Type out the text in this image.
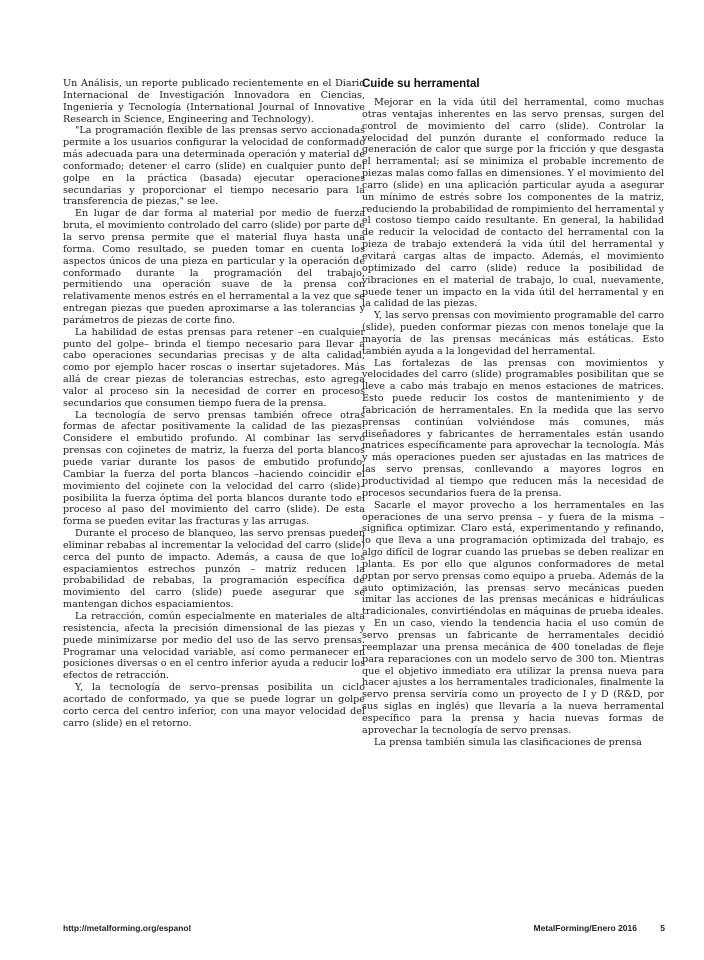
Un Análisis, un reporte publicado recientemente en el Diario Internacional de Investigación Innovadora en Ciencias, Ingeniería y Tecnología (International Journal of Innovative Research in Science, Engineering and Technology).

"La programación flexible de las prensas servo accionadas permite a los usuarios configurar la velocidad de conformado más adecuada para una determinada operación y material de conformado; detener el carro (slide) en cualquier punto del golpe en la práctica (basada) ejecutar operaciones secundarias y proporcionar el tiempo necesario para la transferencia de piezas," se lee.

En lugar de dar forma al material por medio de fuerza bruta, el movimiento controlado del carro (slide) por parte de la servo prensa permite que el material fluya hasta una forma. Como resultado, se pueden tomar en cuenta los aspectos únicos de una pieza en particular y la operación de conformado durante la programación del trabajo, permitiendo una operación suave de la prensa con relativamente menos estrés en el herramental a la vez que se entregan piezas que pueden aproximarse a las tolerancias y parámetros de piezas de corte fino.

La habilidad de estas prensas para retener –en cualquier punto del golpe– brinda el tiempo necesario para llevar a cabo operaciones secundarias precisas y de alta calidad, como por ejemplo hacer roscas o insertar sujetadores. Más allá de crear piezas de tolerancias estrechas, esto agrega valor al proceso sin la necesidad de correr en procesos secundarios que consumen tiempo fuera de la prensa.

La tecnología de servo prensas también ofrece otras formas de afectar positivamente la calidad de las piezas. Considere el embutido profundo. Al combinar las servo prensas con cojinetes de matriz, la fuerza del porta blancos puede variar durante los pasos de embutido profundo. Cambiar la fuerza del porta blancos –haciendo coincidir el movimiento del cojinete con la velocidad del carro (slide)– posibilita la fuerza óptima del porta blancos durante todo el proceso al paso del movimiento del carro (slide). De esta forma se pueden evitar las fracturas y las arrugas.

Durante el proceso de blanqueo, las servo prensas pueden eliminar rebabas al incrementar la velocidad del carro (slide) cerca del punto de impacto. Además, a causa de que los espaciamientos estrechos punzón – matriz reducen la probabilidad de rebabas, la programación específica de movimiento del carro (slide) puede asegurar que se mantengan dichos espaciamientos.

La retracción, común especialmente en materiales de alta resistencia, afecta la precisión dimensional de las piezas y puede minimizarse por medio del uso de las servo prensas. Programar una velocidad variable, así como permanecer en posiciones diversas o en el centro inferior ayuda a reducir los efectos de retracción.

Y, la tecnología de servo–prensas posibilita un ciclo acortado de conformado, ya que se puede lograr un golpe corto cerca del centro inferior, con una mayor velocidad del carro (slide) en el retorno.

Cuide su herramental

Mejorar en la vida útil del herramental, como muchas otras ventajas inherentes en las servo prensas, surgen del control de movimiento del carro (slide). Controlar la velocidad del punzón durante el conformado reduce la generación de calor que surge por la fricción y que desgasta el herramental; así se minimiza el probable incremento de piezas malas como fallas en dimensiones. Y el movimiento del carro (slide) en una aplicación particular ayuda a asegurar un mínimo de estrés sobre los componentes de la matriz, reduciendo la probabilidad de rompimiento del herramental y el costoso tiempo caído resultante. En general, la habilidad de reducir la velocidad de contacto del herramental con la pieza de trabajo extenderá la vida útil del herramental y evitará cargas altas de impacto. Además, el movimiento optimizado del carro (slide) reduce la posibilidad de vibraciones en el material de trabajo, lo cual, nuevamente, puede tener un impacto en la vida útil del herramental y en la calidad de las piezas.

Y, las servo prensas con movimiento programable del carro (slide), pueden conformar piezas con menos tonelaje que la mayoría de las prensas mecánicas más estáticas. Esto también ayuda a la longevidad del herramental.

Las fortalezas de las prensas con movimientos y velocidades del carro (slide) programables posibilitan que se lleve a cabo más trabajo en menos estaciones de matrices. Esto puede reducir los costos de mantenimiento y de fabricación de herramentales. En la medida que las servo prensas continúan volviéndose más comunes, más diseñadores y fabricantes de herramentales están usando matrices específicamente para aprovechar la tecnología. Más y más operaciones pueden ser ajustadas en las matrices de las servo prensas, conllevando a mayores logros en productividad al tiempo que reducen más la necesidad de procesos secundarios fuera de la prensa.

Sacarle el mayor provecho a los herramentales en las operaciones de una servo prensa – y fuera de la misma – significa optimizar. Claro está, experimentando y refinando, lo que lleva a una programación optimizada del trabajo, es algo difícil de lograr cuando las pruebas se deben realizar en planta. Es por ello que algunos conformadores de metal optan por servo prensas como equipo a prueba. Además de la auto optimización, las prensas servo mecánicas pueden imitar las acciones de las prensas mecánicas e hidráulicas tradicionales, convirtiéndolas en máquinas de prueba ideales.

En un caso, viendo la tendencia hacia el uso común de servo prensas un fabricante de herramentales decidió reemplazar una prensa mecánica de 400 toneladas de fleje para reparaciones con un modelo servo de 300 ton. Mientras que el objetivo inmediato era utilizar la prensa nueva para hacer ajustes a los herramentales tradicionales, finalmente la servo prensa serviría como un proyecto de I y D (R&D, por sus siglas en inglés) que llevaría a la nueva herramental específico para la prensa y hacia nuevas formas de aprovechar la tecnología de servo prensas.

La prensa también simula las clasificaciones de prensa

http://metalforming.org/espanol	MetalForming/Enero 2016	5
